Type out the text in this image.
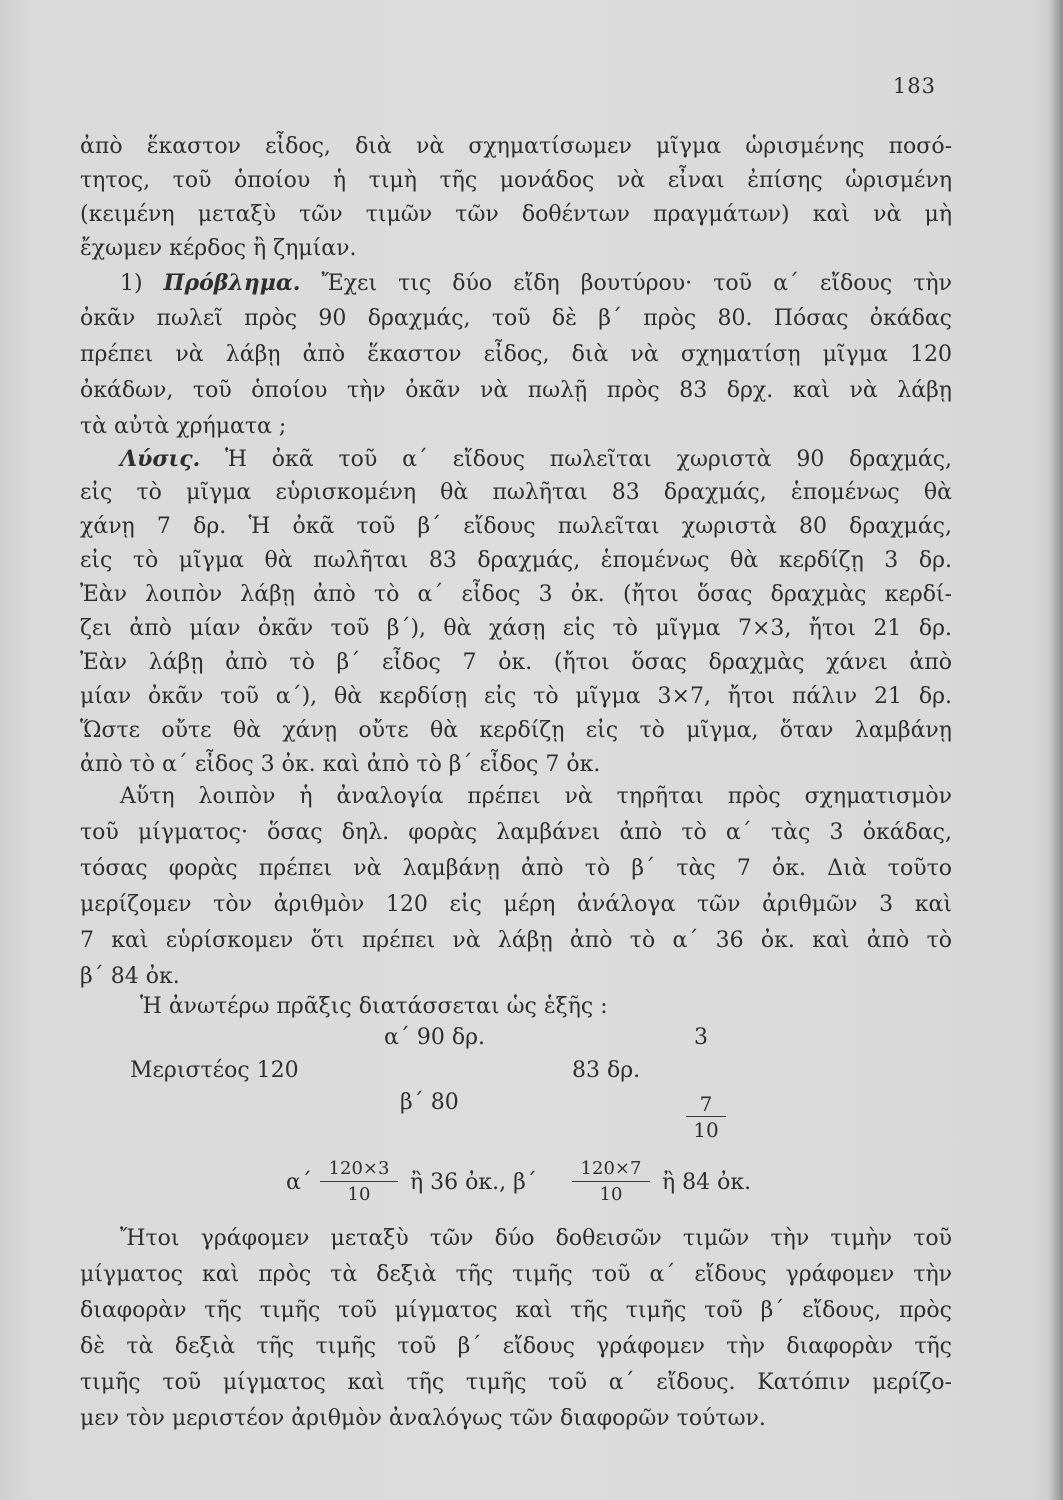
183
ἀπὸ ἕκαστον εἶδος, διὰ νὰ σχηματίσωμεν μῖγμα ὡρισμένης ποσό-
τητος, τοῦ ὁποίου ἡ τιμὴ τῆς μονάδος νὰ εἶναι ἐπίσης ὡρισμένη
(κειμένη μεταξὺ τῶν τιμῶν τῶν δοθέντων πραγμάτων) καὶ νὰ μὴ
ἔχωμεν κέρδος ἢ ζημίαν.
1) Πρόβλημα. Ἔχει τις δύο εἴδη βουτύρου· τοῦ α΄ εἴδους τὴν
ὀκᾶν πωλεῖ πρὸς 90 δραχμάς, τοῦ δὲ β΄ πρὸς 80. Πόσας ὀκάδας
πρέπει νὰ λάβῃ ἀπὸ ἕκαστον εἶδος, διὰ νὰ σχηματίσῃ μῖγμα 120
ὀκάδων, τοῦ ὁποίου τὴν ὀκᾶν νὰ πωλῇ πρὸς 83 δρχ. καὶ νὰ λάβῃ
τὰ αὐτὰ χρήματα ;
Λύσις. Ἡ ὀκᾶ τοῦ α΄ εἴδους πωλεῖται χωριστὰ 90 δραχμάς,
εἰς τὸ μῖγμα εὑρισκομένη θὰ πωλῆται 83 δραχμάς, ἑπομένως θὰ
χάνῃ 7 δρ. Ἡ ὀκᾶ τοῦ β΄ εἴδους πωλεῖται χωριστὰ 80 δραχμάς,
εἰς τὸ μῖγμα θὰ πωλῆται 83 δραχμάς, ἑπομένως θὰ κερδίζῃ 3 δρ.
Ἐὰν λοιπὸν λάβῃ ἀπὸ τὸ α΄ εἶδος 3 ὀκ. (ἤτοι ὅσας δραχμὰς κερδί-
ζει ἀπὸ μίαν ὀκᾶν τοῦ β΄), θὰ χάσῃ εἰς τὸ μῖγμα 7×3, ἤτοι 21 δρ.
Ἐὰν λάβῃ ἀπὸ τὸ β΄ εἶδος 7 ὀκ. (ἤτοι ὅσας δραχμὰς χάνει ἀπὸ
μίαν ὀκᾶν τοῦ α΄), θὰ κερδίσῃ εἰς τὸ μῖγμα 3×7, ἤτοι πάλιν 21 δρ.
Ὥστε οὔτε θὰ χάνῃ οὔτε θὰ κερδίζῃ εἰς τὸ μῖγμα, ὅταν λαμβάνῃ
ἀπὸ τὸ α΄ εἶδος 3 ὀκ. καὶ ἀπὸ τὸ β΄ εἶδος 7 ὀκ.
Αὕτη λοιπὸν ἡ ἀναλογία πρέπει νὰ τηρῆται πρὸς σχηματισμὸν
τοῦ μίγματος· ὅσας δηλ. φορὰς λαμβάνει ἀπὸ τὸ α΄ τὰς 3 ὀκάδας,
τόσας φορὰς πρέπει νὰ λαμβάνῃ ἀπὸ τὸ β΄ τὰς 7 ὀκ. Διὰ τοῦτο
μερίζομεν τὸν ἀριθμὸν 120 εἰς μέρη ἀνάλογα τῶν ἀριθμῶν 3 καὶ
7 καὶ εὑρίσκομεν ὅτι πρέπει νὰ λάβῃ ἀπὸ τὸ α΄ 36 ὀκ. καὶ ἀπὸ τὸ
β΄ 84 ὀκ.
Ἡ ἀνωτέρω πρᾶξις διατάσσεται ὡς ἑξῆς :
α΄ 90 δρ.	3
Μεριστέος 120	83 δρ.
β΄ 80	$\frac{7}{10}$
$\alpha΄ \frac{120\times 3}{10}$ ἢ 36 ὀκ., $\beta΄ \frac{120\times 7}{10}$ ἢ 84 ὀκ.
Ἤτοι γράφομεν μεταξὺ τῶν δύο δοθεισῶν τιμῶν τὴν τιμὴν τοῦ
μίγματος καὶ πρὸς τὰ δεξιὰ τῆς τιμῆς τοῦ α΄ εἴδους γράφομεν τὴν
διαφορὰν τῆς τιμῆς τοῦ μίγματος καὶ τῆς τιμῆς τοῦ β΄ εἴδους, πρὸς
δὲ τὰ δεξιὰ τῆς τιμῆς τοῦ β΄ εἴδους γράφομεν τὴν διαφορὰν τῆς
τιμῆς τοῦ μίγματος καὶ τῆς τιμῆς τοῦ α΄ εἴδους. Κατόπιν μερίζο-
μεν τὸν μεριστέον ἀριθμὸν ἀναλόγως τῶν διαφορῶν τούτων.
